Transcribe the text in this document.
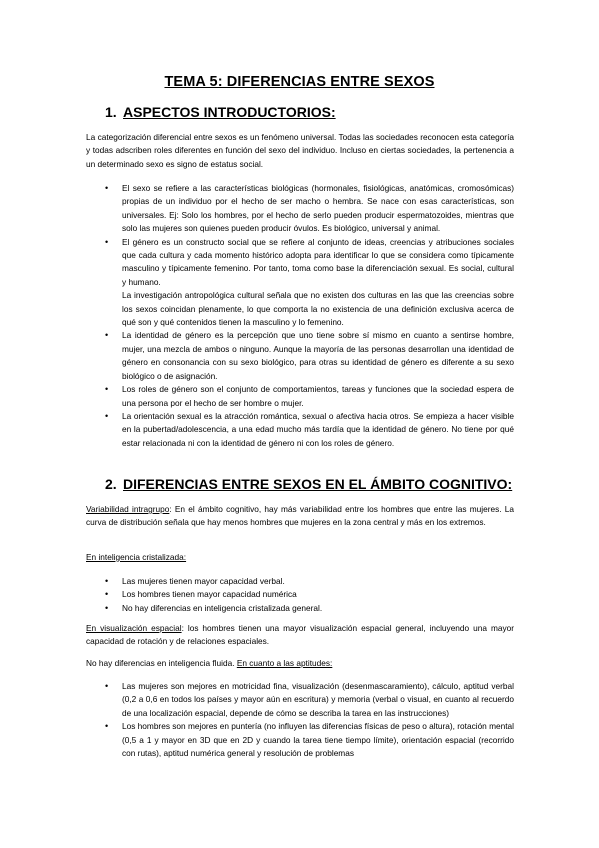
TEMA 5: DIFERENCIAS ENTRE SEXOS
1. ASPECTOS INTRODUCTORIOS:

La categorización diferencial entre sexos es un fenómeno universal. Todas las sociedades reconocen esta categoría y todas adscriben roles diferentes en función del sexo del individuo. Incluso en ciertas sociedades, la pertenencia a un determinado sexo es signo de estatus social.

• El sexo se refiere a las características biológicas (hormonales, fisiológicas, anatómicas, cromosómicas) propias de un individuo por el hecho de ser macho o hembra. Se nace con esas características, son universales. Ej: Solo los hombres, por el hecho de serlo pueden producir espermatozoides, mientras que solo las mujeres son quienes pueden producir óvulos. Es biológico, universal y animal.

• El género es un constructo social que se refiere al conjunto de ideas, creencias y atribuciones sociales que cada cultura y cada momento histórico adopta para identificar lo que se considera como típicamente masculino y típicamente femenino. Por tanto, toma como base la diferenciación sexual. Es social, cultural y humano.

La investigación antropológica cultural señala que no existen dos culturas en las que las creencias sobre los sexos coincidan plenamente, lo que comporta la no existencia de una definición exclusiva acerca de qué son y qué contenidos tienen la masculino y lo femenino.

• La identidad de género es la percepción que uno tiene sobre sí mismo en cuanto a sentirse hombre, mujer, una mezcla de ambos o ninguno. Aunque la mayoría de las personas desarrollan una identidad de género en consonancia con su sexo biológico, para otras su identidad de género es diferente a su sexo biológico o de asignación.

• Los roles de género son el conjunto de comportamientos, tareas y funciones que la sociedad espera de una persona por el hecho de ser hombre o mujer.

• La orientación sexual es la atracción romántica, sexual o afectiva hacia otros. Se empieza a hacer visible en la pubertad/adolescencia, a una edad mucho más tardía que la identidad de género. No tiene por qué estar relacionada ni con la identidad de género ni con los roles de género.

2. DIFERENCIAS ENTRE SEXOS EN EL ÁMBITO COGNITIVO:

Variabilidad intragrupo: En el ámbito cognitivo, hay más variabilidad entre los hombres que entre las mujeres. La curva de distribución señala que hay menos hombres que mujeres en la zona central y más en los extremos.

En inteligencia cristalizada:

• Las mujeres tienen mayor capacidad verbal.

• Los hombres tienen mayor capacidad numérica

• No hay diferencias en inteligencia cristalizada general.

En visualización espacial: los hombres tienen una mayor visualización espacial general, incluyendo una mayor capacidad de rotación y de relaciones espaciales.

No hay diferencias en inteligencia fluida. En cuanto a las aptitudes:

• Las mujeres son mejores en motricidad fina, visualización (desenmascaramiento), cálculo, aptitud verbal (0,2 a 0,6 en todos los países y mayor aún en escritura) y memoria (verbal o visual, en cuanto al recuerdo de una localización espacial, depende de cómo se describa la tarea en las instrucciones)

• Los hombres son mejores en puntería (no influyen las diferencias físicas de peso o altura), rotación mental (0,5 a 1 y mayor en 3D que en 2D y cuando la tarea tiene tiempo límite), orientación espacial (recorrido con rutas), aptitud numérica general y resolución de problemas
